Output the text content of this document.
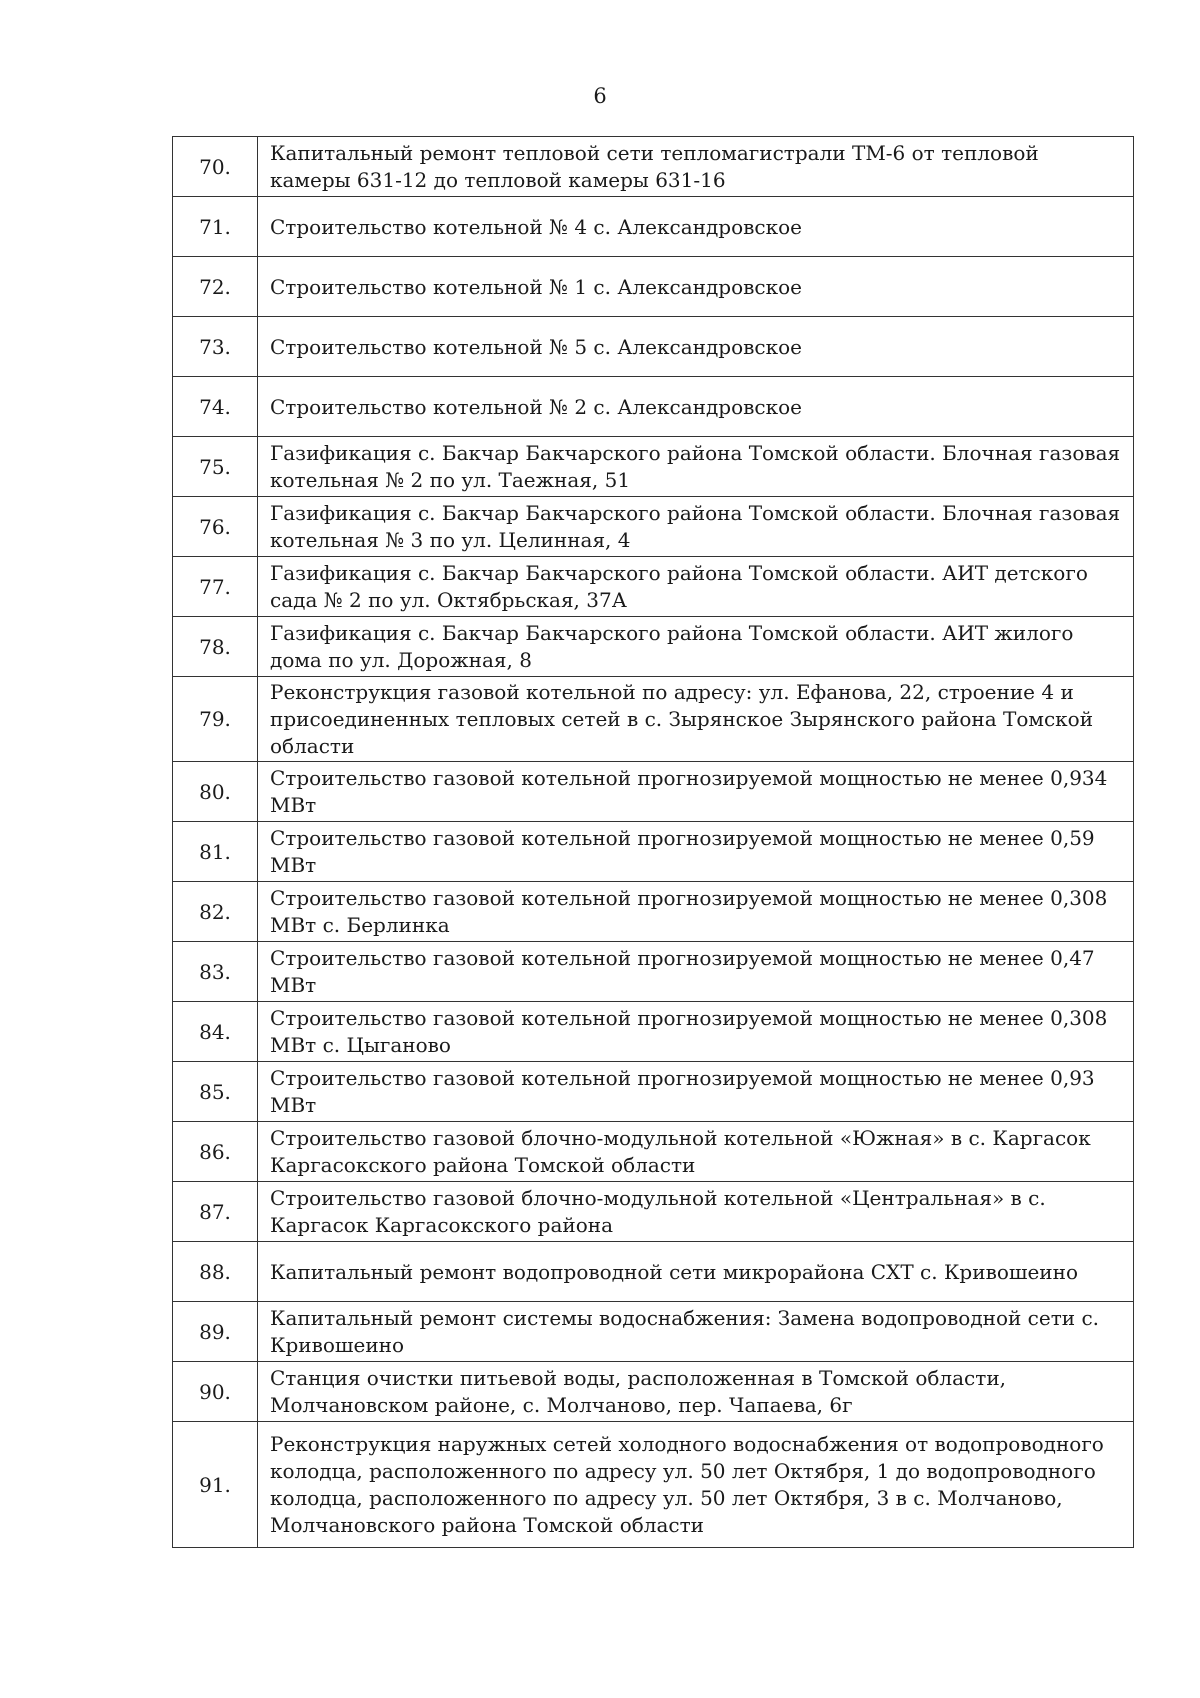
6
70.	Капитальный ремонт тепловой сети тепломагистрали ТМ-6 от тепловой камеры 631-12 до тепловой камеры 631-16
71.	Строительство котельной № 4 с. Александровское
72.	Строительство котельной № 1 с. Александровское
73.	Строительство котельной № 5 с. Александровское
74.	Строительство котельной № 2 с. Александровское
75.	Газификация с. Бакчар Бакчарского района Томской области. Блочная газовая котельная № 2 по ул. Таежная, 51
76.	Газификация с. Бакчар Бакчарского района Томской области. Блочная газовая котельная № 3 по ул. Целинная, 4
77.	Газификация с. Бакчар Бакчарского района Томской области. АИТ детского сада № 2 по ул. Октябрьская, 37А
78.	Газификация с. Бакчар Бакчарского района Томской области. АИТ жилого дома по ул. Дорожная, 8
79.	Реконструкция газовой котельной по адресу: ул. Ефанова, 22, строение 4 и присоединенных тепловых сетей в с. Зырянское Зырянского района Томской области
80.	Строительство газовой котельной прогнозируемой мощностью не менее 0,934 МВт
81.	Строительство газовой котельной прогнозируемой мощностью не менее 0,59 МВт
82.	Строительство газовой котельной прогнозируемой мощностью не менее 0,308 МВт с. Берлинка
83.	Строительство газовой котельной прогнозируемой мощностью не менее 0,47 МВт
84.	Строительство газовой котельной прогнозируемой мощностью не менее 0,308 МВт с. Цыганово
85.	Строительство газовой котельной прогнозируемой мощностью не менее 0,93 МВт
86.	Строительство газовой блочно-модульной котельной «Южная» в с. Каргасок Каргасокского района Томской области
87.	Строительство газовой блочно-модульной котельной «Центральная» в с. Каргасок Каргасокского района
88.	Капитальный ремонт водопроводной сети микрорайона СХТ с. Кривошеино
89.	Капитальный ремонт системы водоснабжения: Замена водопроводной сети с. Кривошеино
90.	Станция очистки питьевой воды, расположенная в Томской области, Молчановском районе, с. Молчаново, пер. Чапаева, 6г
91.	Реконструкция наружных сетей холодного водоснабжения от водопроводного колодца, расположенного по адресу ул. 50 лет Октября, 1 до водопроводного колодца, расположенного по адресу ул. 50 лет Октября, 3 в с. Молчаново, Молчановского района Томской области
